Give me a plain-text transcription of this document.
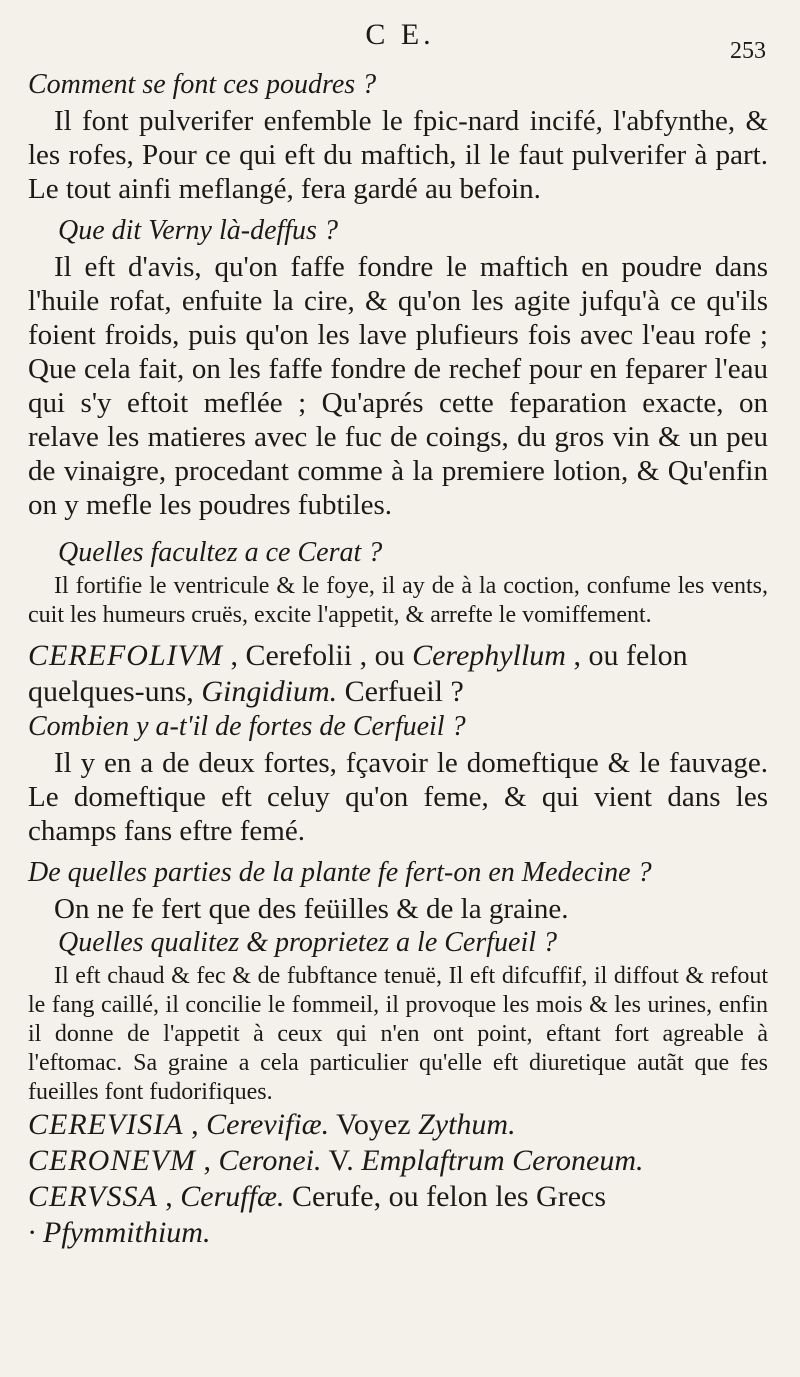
C E.	253

Comment se font ces poudres ?

Il font pulverifer enfemble le fpic-nard incifé, l'abfynthe, & les rofes, Pour ce qui eft du maftich, il le faut pulverifer à part. Le tout ainfi meflangé, fera gardé au befoin.

Que dit Verny là-deffus ?

Il eft d'avis, qu'on faffe fondre le maftich en poudre dans l'huile rofat, enfuite la cire, & qu'on les agite jufqu'à ce qu'ils foient froids, puis qu'on les lave plufieurs fois avec l'eau rofe ; Que cela fait, on les faffe fondre de rechef pour en feparer l'eau qui s'y eftoit meflée ; Qu'aprés cette feparation exacte, on relave les matieres avec le fuc de coings, du gros vin & un peu de vinaigre, procedant comme à la premiere lotion, & Qu'enfin on y mefle les poudres fubtiles.

Quelles facultez a ce Cerat ?

Il fortifie le ventricule & le foye, il ay de à la coction, confume les vents, cuit les humeurs cruës, excite l'appetit, & arrefte le vomiffement.

CEREFOLIVM , Cerefolii , ou Cerephyllum , ou felon quelques-uns, Gingidium. Cerfueil ?

Combien y a-t'il de fortes de Cerfueil ?

Il y en a de deux fortes, fçavoir le domeftique & le fauvage. Le domeftique eft celuy qu'on feme, & qui vient dans les champs fans eftre femé.

De quelles parties de la plante fe fert-on en Medecine ?

On ne fe fert que des feüilles & de la graine.

Quelles qualitez & proprietez a le Cerfueil ?

Il eft chaud & fec & de fubftance tenuë, Il eft difcuffif, il diffout & refout le fang caillé, il concilie le fommeil, il provoque les mois & les urines, enfin il donne de l'appetit à ceux qui n'en ont point, eftant fort agreable à l'eftomac. Sa graine a cela particulier qu'elle eft diuretique autãt que fes fueilles font fudorifiques.

CEREVISIA , Cerevifiæ. Voyez Zythum.

CERONEVM , Ceronei. V. Emplaftrum Ceroneum.

CERVSSA , Ceruffæ. Cerufe, ou felon les Grecs
· Pfymmithium.
